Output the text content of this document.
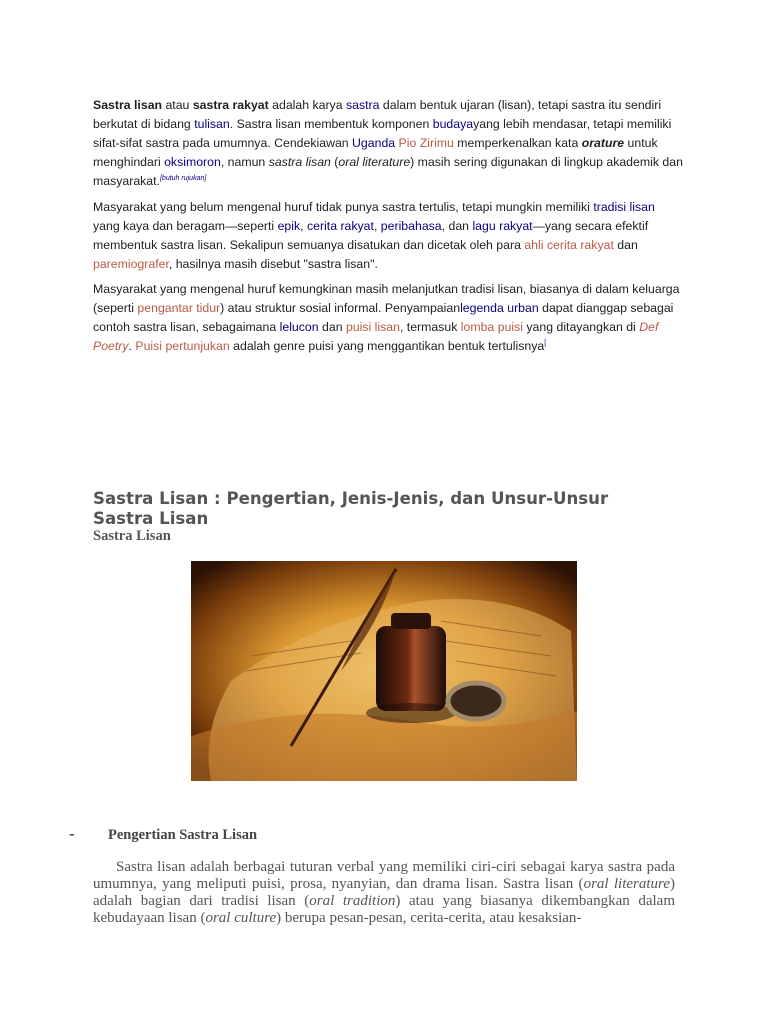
Sastra lisan atau sastra rakyat adalah karya sastra dalam bentuk ujaran (lisan), tetapi sastra itu sendiri berkutat di bidang tulisan. Sastra lisan membentuk komponen budayayang lebih mendasar, tetapi memiliki sifat-sifat sastra pada umumnya. Cendekiawan Uganda Pio Zirimu memperkenalkan kata orature untuk menghindari oksimoron, namun sastra lisan (oral literature) masih sering digunakan di lingkup akademik dan masyarakat.[butuh rujukan]

Masyarakat yang belum mengenal huruf tidak punya sastra tertulis, tetapi mungkin memiliki tradisi lisan yang kaya dan beragam—seperti epik, cerita rakyat, peribahasa, dan lagu rakyat—yang secara efektif membentuk sastra lisan. Sekalipun semuanya disatukan dan dicetak oleh para ahli cerita rakyat dan paremiografer, hasilnya masih disebut "sastra lisan".

Masyarakat yang mengenal huruf kemungkinan masih melanjutkan tradisi lisan, biasanya di dalam keluarga (seperti pengantar tidur) atau struktur sosial informal. Penyampaianlegenda urban dapat dianggap sebagai contoh sastra lisan, sebagaimana lelucon dan puisi lisan, termasuk lomba puisi yang ditayangkan di Def Poetry. Puisi pertunjukan adalah genre puisi yang menggantikan bentuk tertulisnya[

Sastra Lisan : Pengertian, Jenis-Jenis, dan Unsur-Unsur Sastra Lisan
Sastra Lisan
- Pengertian Sastra Lisan
Sastra lisan adalah berbagai tuturan verbal yang memiliki ciri-ciri sebagai karya sastra pada umumnya, yang meliputi puisi, prosa, nyanyian, dan drama lisan. Sastra lisan (oral literature) adalah bagian dari tradisi lisan (oral tradition) atau yang biasanya dikembangkan dalam kebudayaan lisan (oral culture) berupa pesan-pesan, cerita-cerita, atau kesaksian-
